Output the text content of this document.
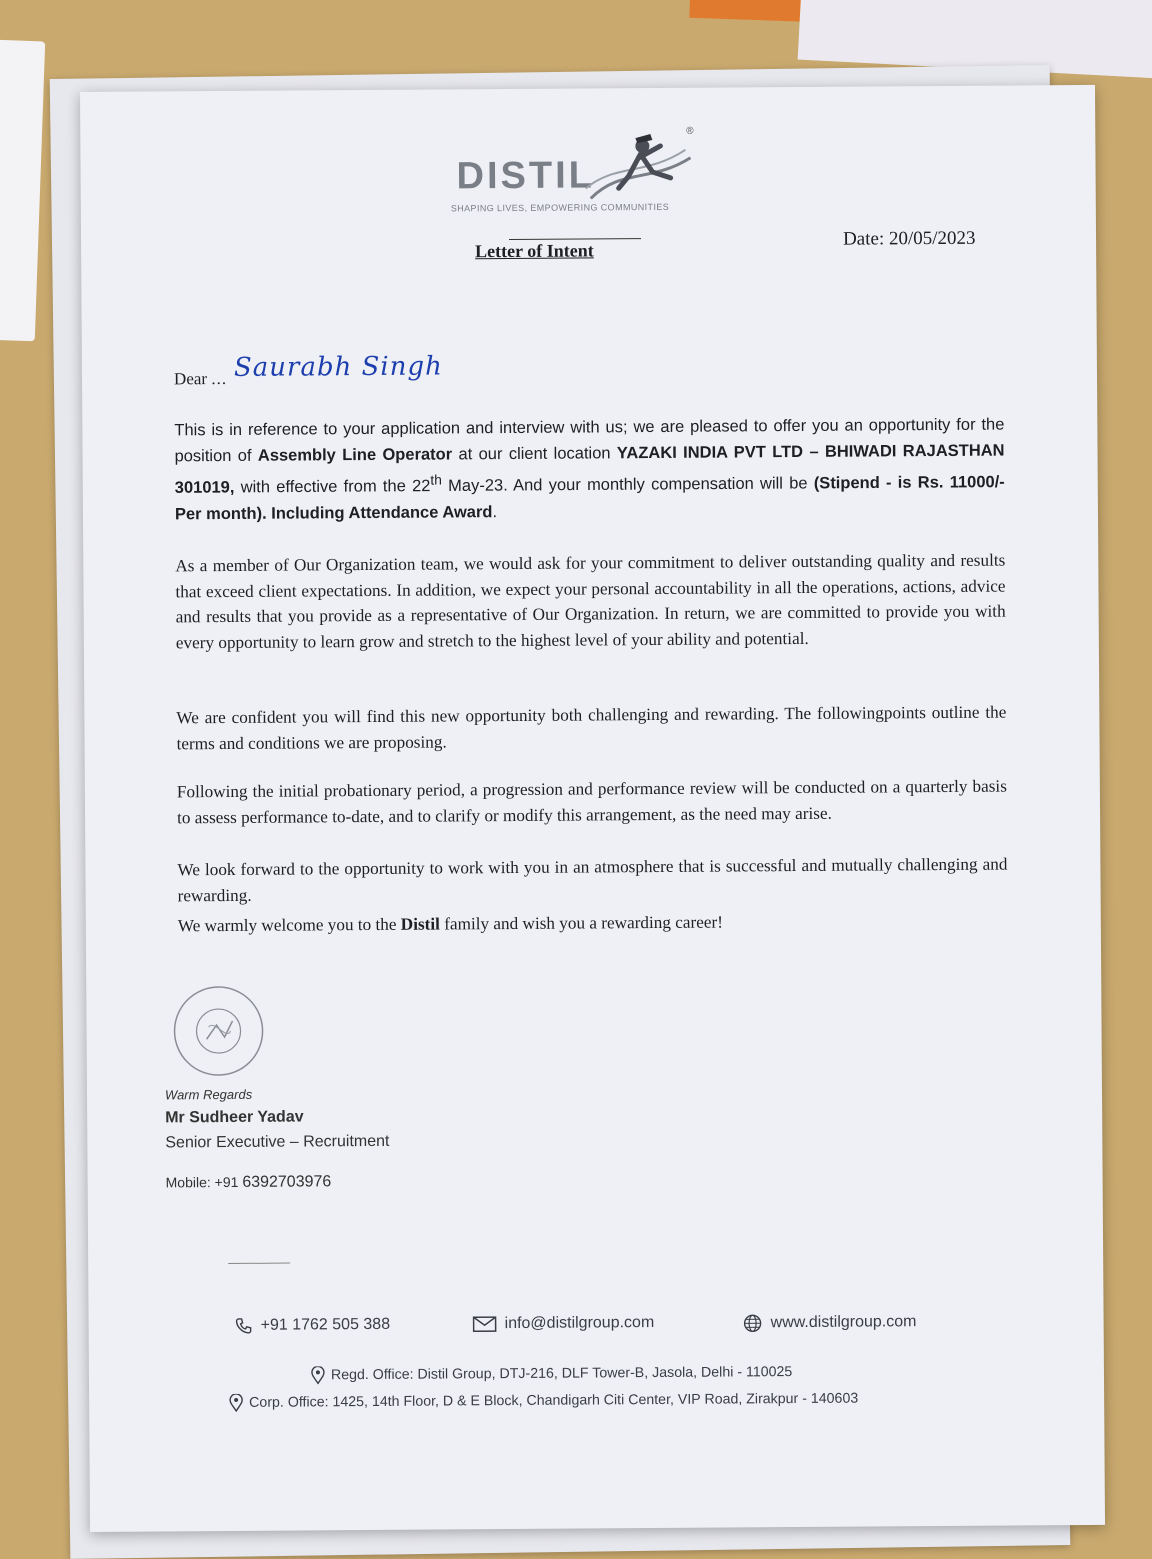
DISTIL
®
SHAPING LIVES, EMPOWERING COMMUNITIES
Letter of Intent
Date: 20/05/2023
Dear ... Saurabh Singh
This is in reference to your application and interview with us; we are pleased to offer you an opportunity for the position of Assembly Line Operator at our client location YAZAKI INDIA PVT LTD – BHIWADI RAJASTHAN 301019, with effective from the 22th May-23. And your monthly compensation will be (Stipend - is Rs. 11000/- Per month). Including Attendance Award.
As a member of Our Organization team, we would ask for your commitment to deliver outstanding quality and results that exceed client expectations. In addition, we expect your personal accountability in all the operations, actions, advice and results that you provide as a representative of Our Organization. In return, we are committed to provide you with every opportunity to learn grow and stretch to the highest level of your ability and potential.
We are confident you will find this new opportunity both challenging and rewarding. The followingpoints outline the terms and conditions we are proposing.
Following the initial probationary period, a progression and performance review will be conducted on a quarterly basis to assess performance to-date, and to clarify or modify this arrangement, as the need may arise.
We look forward to the opportunity to work with you in an atmosphere that is successful and mutually challenging and rewarding.
We warmly welcome you to the Distil family and wish you a rewarding career!
Warm Regards
Mr Sudheer Yadav
Senior Executive – Recruitment
Mobile: +91 6392703976
+91 1762 505 388	info@distilgroup.com	www.distilgroup.com
Regd. Office: Distil Group, DTJ-216, DLF Tower-B, Jasola, Delhi - 110025
Corp. Office: 1425, 14th Floor, D & E Block, Chandigarh Citi Center, VIP Road, Zirakpur - 140603
